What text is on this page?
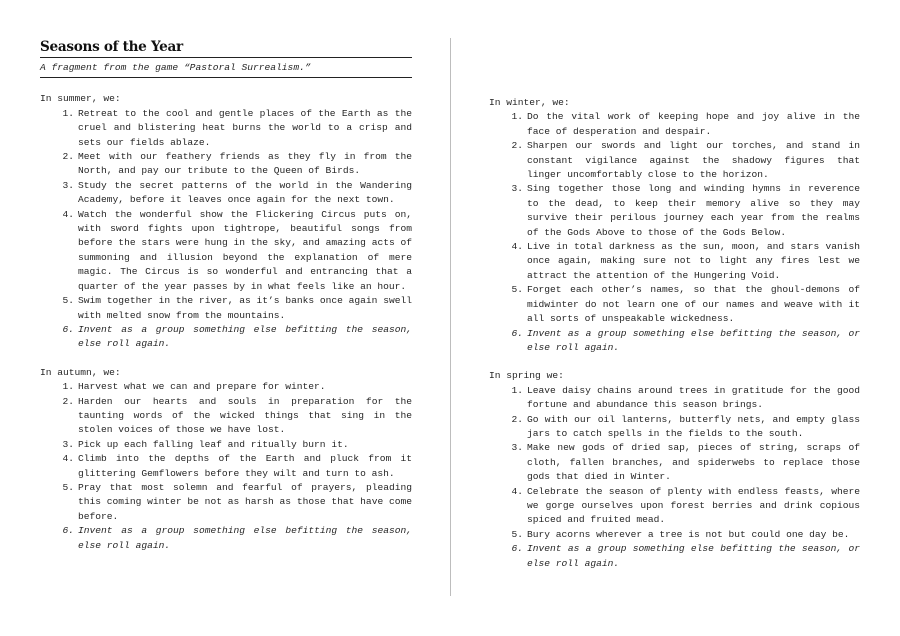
Seasons of the Year
A fragment from the game “Pastoral Surrealism.”
In summer, we:
1. Retreat to the cool and gentle places of the Earth as the cruel and blistering heat burns the world to a crisp and sets our fields ablaze.
2. Meet with our feathery friends as they fly in from the North, and pay our tribute to the Queen of Birds.
3. Study the secret patterns of the world in the Wandering Academy, before it leaves once again for the next town.
4. Watch the wonderful show the Flickering Circus puts on, with sword fights upon tightrope, beautiful songs from before the stars were hung in the sky, and amazing acts of summoning and illusion beyond the explanation of mere magic. The Circus is so wonderful and entrancing that a quarter of the year passes by in what feels like an hour.
5. Swim together in the river, as it’s banks once again swell with melted snow from the mountains.
6. Invent as a group something else befitting the season, else roll again.
In autumn, we:
1. Harvest what we can and prepare for winter.
2. Harden our hearts and souls in preparation for the taunting words of the wicked things that sing in the stolen voices of those we have lost.
3. Pick up each falling leaf and ritually burn it.
4. Climb into the depths of the Earth and pluck from it glittering Gemflowers before they wilt and turn to ash.
5. Pray that most solemn and fearful of prayers, pleading this coming winter be not as harsh as those that have come before.
6. Invent as a group something else befitting the season, else roll again.
In winter, we:
1. Do the vital work of keeping hope and joy alive in the face of desperation and despair.
2. Sharpen our swords and light our torches, and stand in constant vigilance against the shadowy figures that linger uncomfortably close to the horizon.
3. Sing together those long and winding hymns in reverence to the dead, to keep their memory alive so they may survive their perilous journey each year from the realms of the Gods Above to those of the Gods Below.
4. Live in total darkness as the sun, moon, and stars vanish once again, making sure not to light any fires lest we attract the attention of the Hungering Void.
5. Forget each other’s names, so that the ghoul-demons of midwinter do not learn one of our names and weave with it all sorts of unspeakable wickedness.
6. Invent as a group something else befitting the season, or else roll again.
In spring we:
1. Leave daisy chains around trees in gratitude for the good fortune and abundance this season brings.
2. Go with our oil lanterns, butterfly nets, and empty glass jars to catch spells in the fields to the south.
3. Make new gods of dried sap, pieces of string, scraps of cloth, fallen branches, and spiderwebs to replace those gods that died in Winter.
4. Celebrate the season of plenty with endless feasts, where we gorge ourselves upon forest berries and drink copious spiced and fruited mead.
5. Bury acorns wherever a tree is not but could one day be.
6. Invent as a group something else befitting the season, or else roll again.
